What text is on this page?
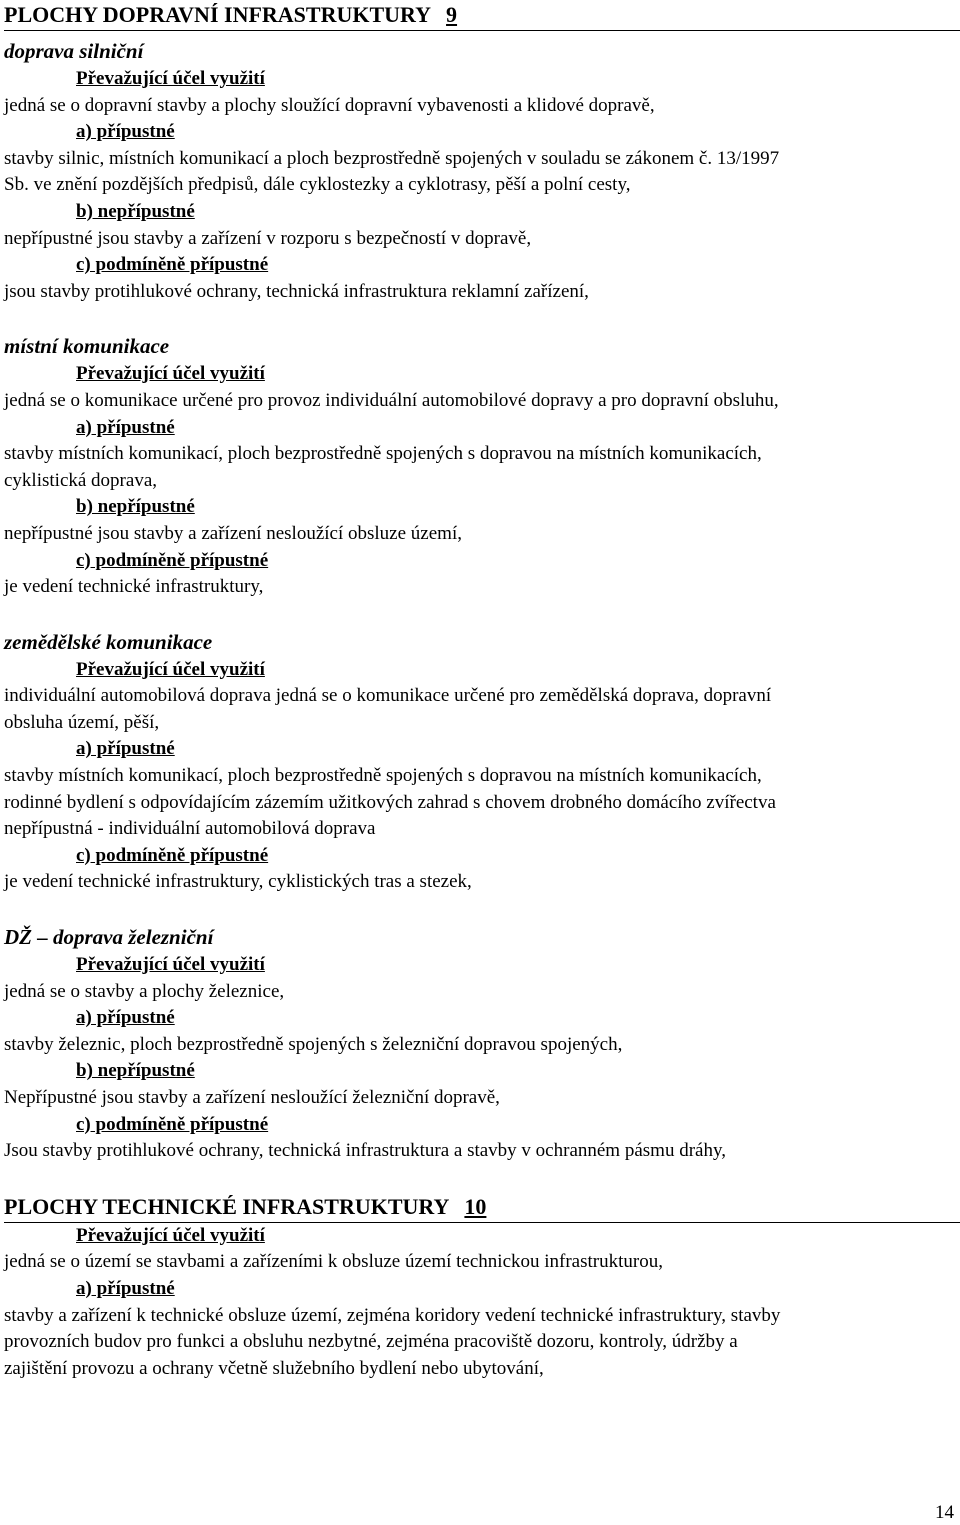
PLOCHY DOPRAVNÍ INFRASTRUKTURY 9
doprava silniční
Převažující účel využití
jedná se o dopravní stavby a plochy sloužící dopravní vybavenosti a klidové dopravě,
a) přípustné
stavby silnic, místních komunikací a ploch bezprostředně spojených v souladu se zákonem č. 13/1997
Sb. ve znění pozdějších předpisů, dále cyklostezky a cyklotrasy, pěší a polní cesty,
b) nepřípustné
nepřípustné jsou stavby a zařízení v rozporu s bezpečností v dopravě,
c) podmíněně přípustné
jsou stavby protihlukové ochrany, technická infrastruktura reklamní zařízení,
místní komunikace
Převažující účel využití
jedná se o komunikace určené pro provoz individuální automobilové dopravy a pro dopravní obsluhu,
a) přípustné
stavby místních komunikací, ploch bezprostředně spojených s dopravou na místních komunikacích,
cyklistická doprava,
b) nepřípustné
nepřípustné jsou stavby a zařízení nesloužící obsluze území,
c) podmíněně přípustné
je vedení technické infrastruktury,
zemědělské komunikace
Převažující účel využití
individuální automobilová doprava jedná se o komunikace určené pro zemědělská doprava, dopravní
obsluha území, pěší,
a) přípustné
stavby místních komunikací, ploch bezprostředně spojených s dopravou na místních komunikacích,
rodinné bydlení s odpovídajícím zázemím užitkových zahrad s chovem drobného domácího zvířectva
nepřípustná - individuální automobilová doprava
c) podmíněně přípustné
je vedení technické infrastruktury, cyklistických tras a stezek,
DŽ – doprava železniční
Převažující účel využití
jedná se o stavby a plochy železnice,
a) přípustné
stavby železnic, ploch bezprostředně spojených s železniční dopravou spojených,
b) nepřípustné
Nepřípustné jsou stavby a zařízení nesloužící železniční dopravě,
c) podmíněně přípustné
Jsou stavby protihlukové ochrany, technická infrastruktura a stavby v ochranném pásmu dráhy,
PLOCHY TECHNICKÉ INFRASTRUKTURY 10
Převažující účel využití
jedná se o území se stavbami a zařízeními k obsluze území technickou infrastrukturou,
a) přípustné
stavby a zařízení k technické obsluze území, zejména koridory vedení technické infrastruktury, stavby
provozních budov pro funkci a obsluhu nezbytné, zejména pracoviště dozoru, kontroly, údržby a
zajištění provozu a ochrany včetně služebního bydlení nebo ubytování,
14
